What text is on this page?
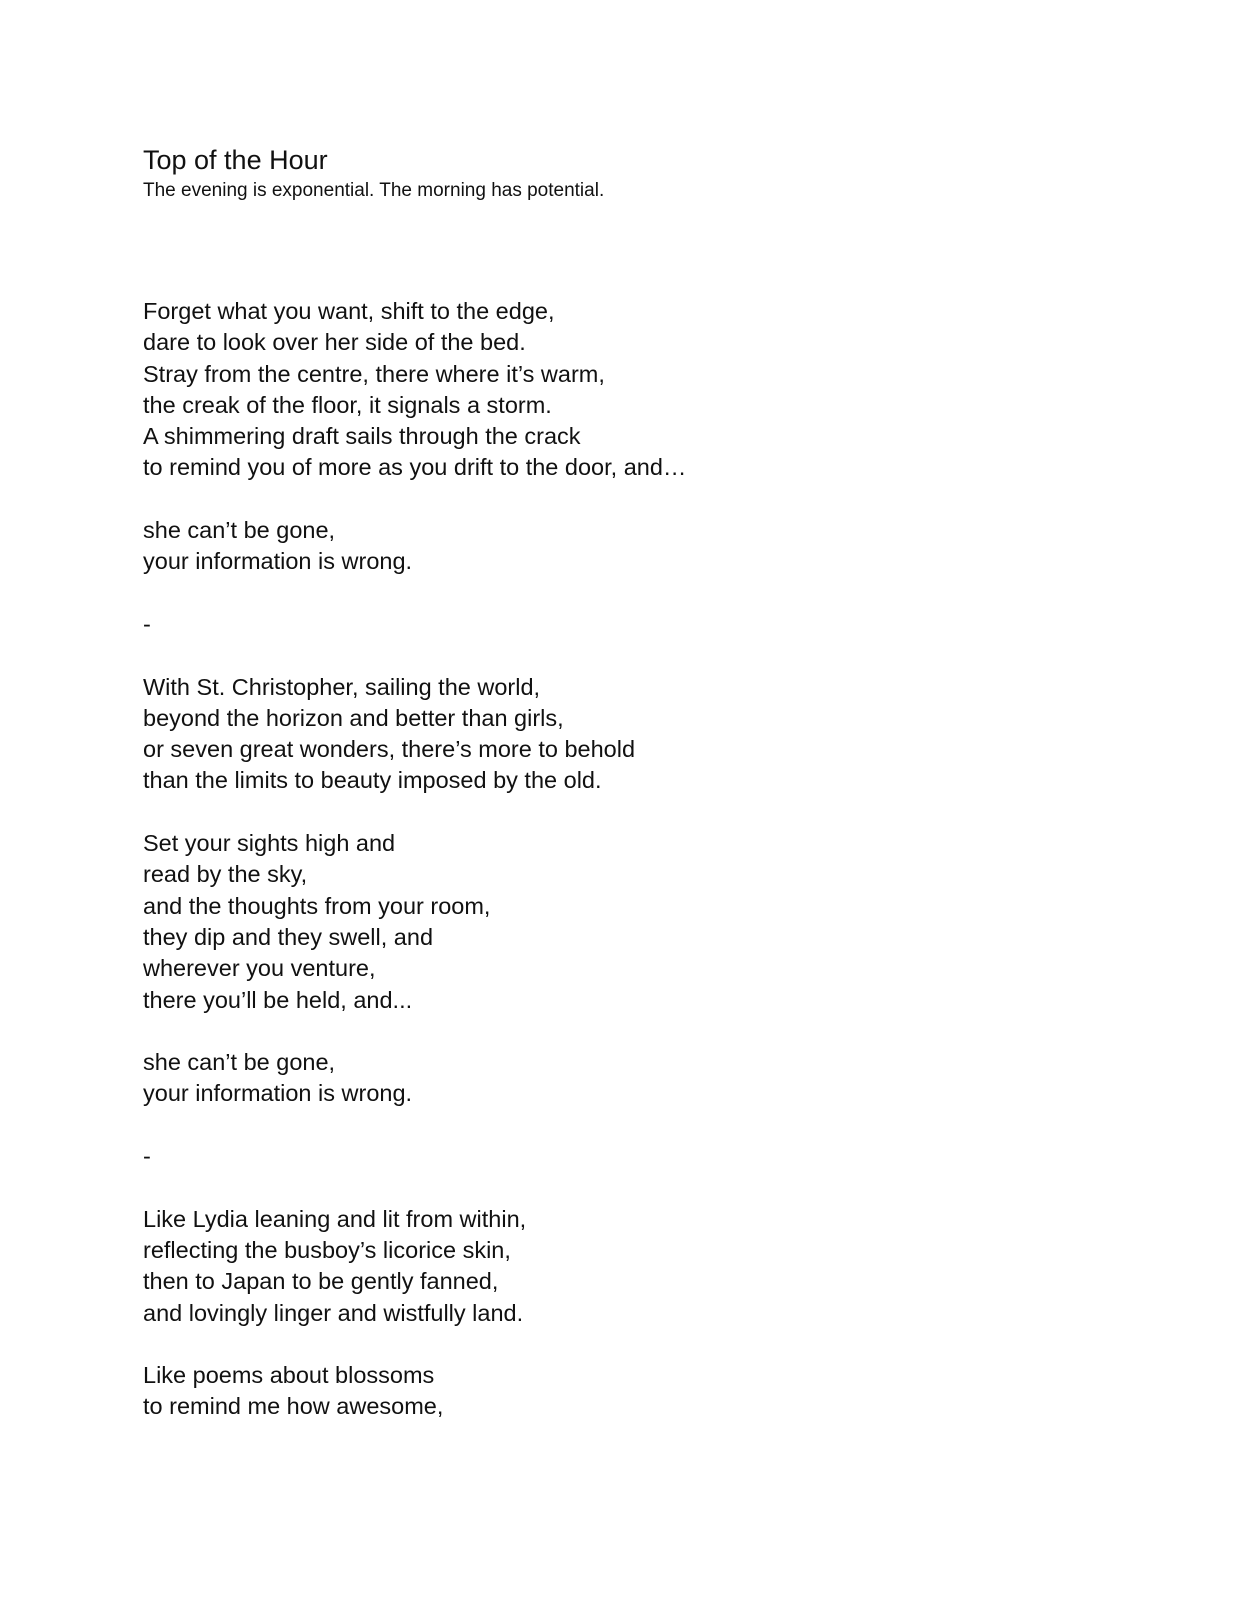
Top of the Hour

The evening is exponential. The morning has potential.

Forget what you want, shift to the edge,
dare to look over her side of the bed.
Stray from the centre, there where it’s warm,
the creak of the floor, it signals a storm.
A shimmering draft sails through the crack
to remind you of more as you drift to the door, and…
she can’t be gone,
your information is wrong.
-
With St. Christopher, sailing the world,
beyond the horizon and better than girls,
or seven great wonders, there’s more to behold
than the limits to beauty imposed by the old.
Set your sights high and
read by the sky,
and the thoughts from your room,
they dip and they swell, and
wherever you venture,
there you’ll be held, and...
she can’t be gone,
your information is wrong.
-
Like Lydia leaning and lit from within,
reflecting the busboy’s licorice skin,
then to Japan to be gently fanned,
and lovingly linger and wistfully land.
Like poems about blossoms
to remind me how awesome,
